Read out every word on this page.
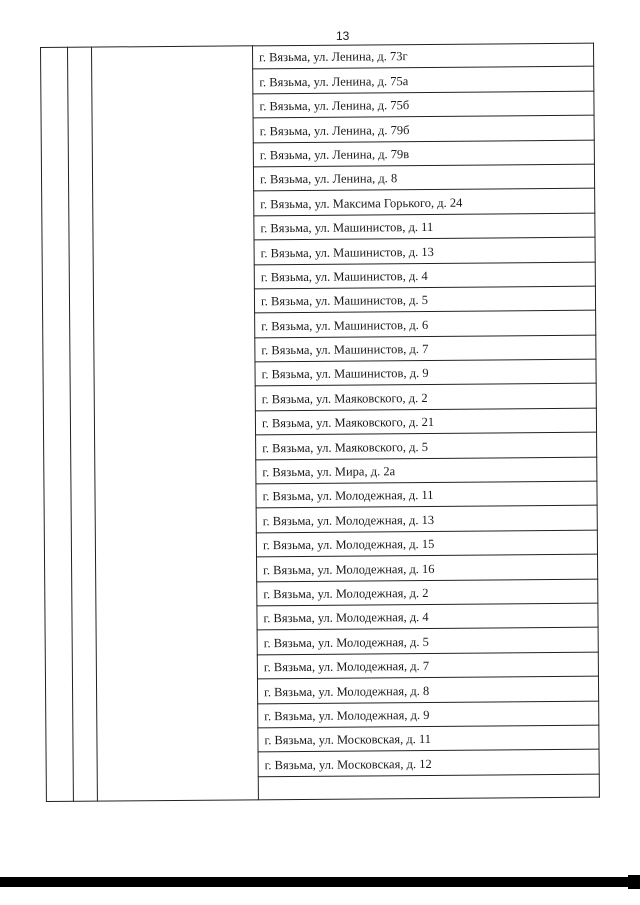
13
г. Вязьма, ул. Ленина, д. 73г
г. Вязьма, ул. Ленина, д. 75а
г. Вязьма, ул. Ленина, д. 75б
г. Вязьма, ул. Ленина, д. 79б
г. Вязьма, ул. Ленина, д. 79в
г. Вязьма, ул. Ленина, д. 8
г. Вязьма, ул. Максима Горького, д. 24
г. Вязьма, ул. Машинистов, д. 11
г. Вязьма, ул. Машинистов, д. 13
г. Вязьма, ул. Машинистов, д. 4
г. Вязьма, ул. Машинистов, д. 5
г. Вязьма, ул. Машинистов, д. 6
г. Вязьма, ул. Машинистов, д. 7
г. Вязьма, ул. Машинистов, д. 9
г. Вязьма, ул. Маяковского, д. 2
г. Вязьма, ул. Маяковского, д. 21
г. Вязьма, ул. Маяковского, д. 5
г. Вязьма, ул. Мира, д. 2а
г. Вязьма, ул. Молодежная, д. 11
г. Вязьма, ул. Молодежная, д. 13
г. Вязьма, ул. Молодежная, д. 15
г. Вязьма, ул. Молодежная, д. 16
г. Вязьма, ул. Молодежная, д. 2
г. Вязьма, ул. Молодежная, д. 4
г. Вязьма, ул. Молодежная, д. 5
г. Вязьма, ул. Молодежная, д. 7
г. Вязьма, ул. Молодежная, д. 8
г. Вязьма, ул. Молодежная, д. 9
г. Вязьма, ул. Московская, д. 11
г. Вязьма, ул. Московская, д. 12
